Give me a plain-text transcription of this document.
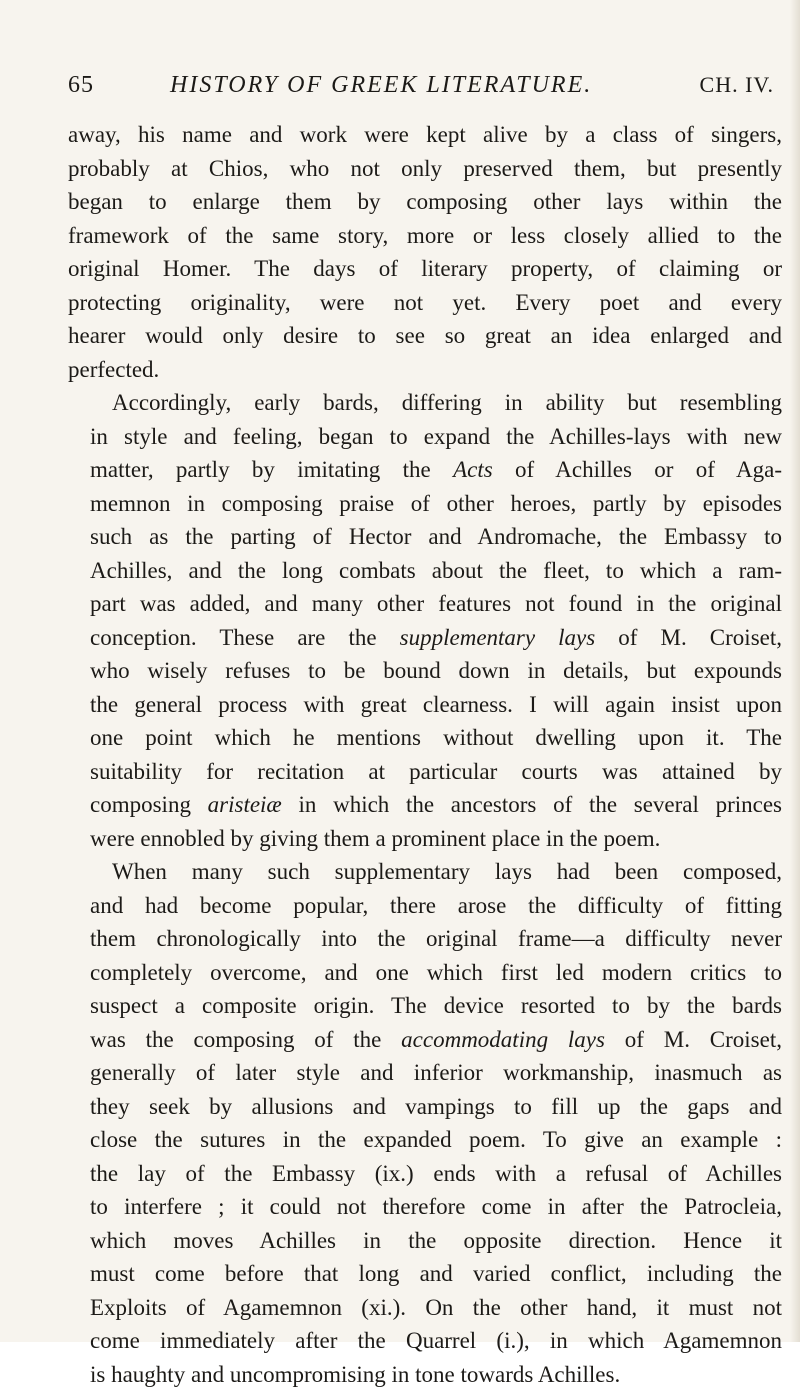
65	HISTORY OF GREEK LITERATURE.	CH. IV.
away, his name and work were kept alive by a class of singers,
probably at Chios, who not only preserved them, but presently
began to enlarge them by composing other lays within the
framework of the same story, more or less closely allied to the
original Homer. The days of literary property, of claiming or
protecting originality, were not yet. Every poet and every
hearer would only desire to see so great an idea enlarged and
perfected.
Accordingly, early bards, differing in ability but resembling
in style and feeling, began to expand the Achilles-lays with new
matter, partly by imitating the Acts of Achilles or of Aga-
memnon in composing praise of other heroes, partly by episodes
such as the parting of Hector and Andromache, the Embassy to
Achilles, and the long combats about the fleet, to which a ram-
part was added, and many other features not found in the original
conception. These are the supplementary lays of M. Croiset,
who wisely refuses to be bound down in details, but expounds
the general process with great clearness. I will again insist upon
one point which he mentions without dwelling upon it. The
suitability for recitation at particular courts was attained by
composing aristeiæ in which the ancestors of the several princes
were ennobled by giving them a prominent place in the poem.
When many such supplementary lays had been composed,
and had become popular, there arose the difficulty of fitting
them chronologically into the original frame—a difficulty never
completely overcome, and one which first led modern critics to
suspect a composite origin. The device resorted to by the bards
was the composing of the accommodating lays of M. Croiset,
generally of later style and inferior workmanship, inasmuch as
they seek by allusions and vampings to fill up the gaps and
close the sutures in the expanded poem. To give an example :
the lay of the Embassy (ix.) ends with a refusal of Achilles
to interfere ; it could not therefore come in after the Patrocleia,
which moves Achilles in the opposite direction. Hence it
must come before that long and varied conflict, including the
Exploits of Agamemnon (xi.). On the other hand, it must not
come immediately after the Quarrel (i.), in which Agamemnon
is haughty and uncompromising in tone towards Achilles.
